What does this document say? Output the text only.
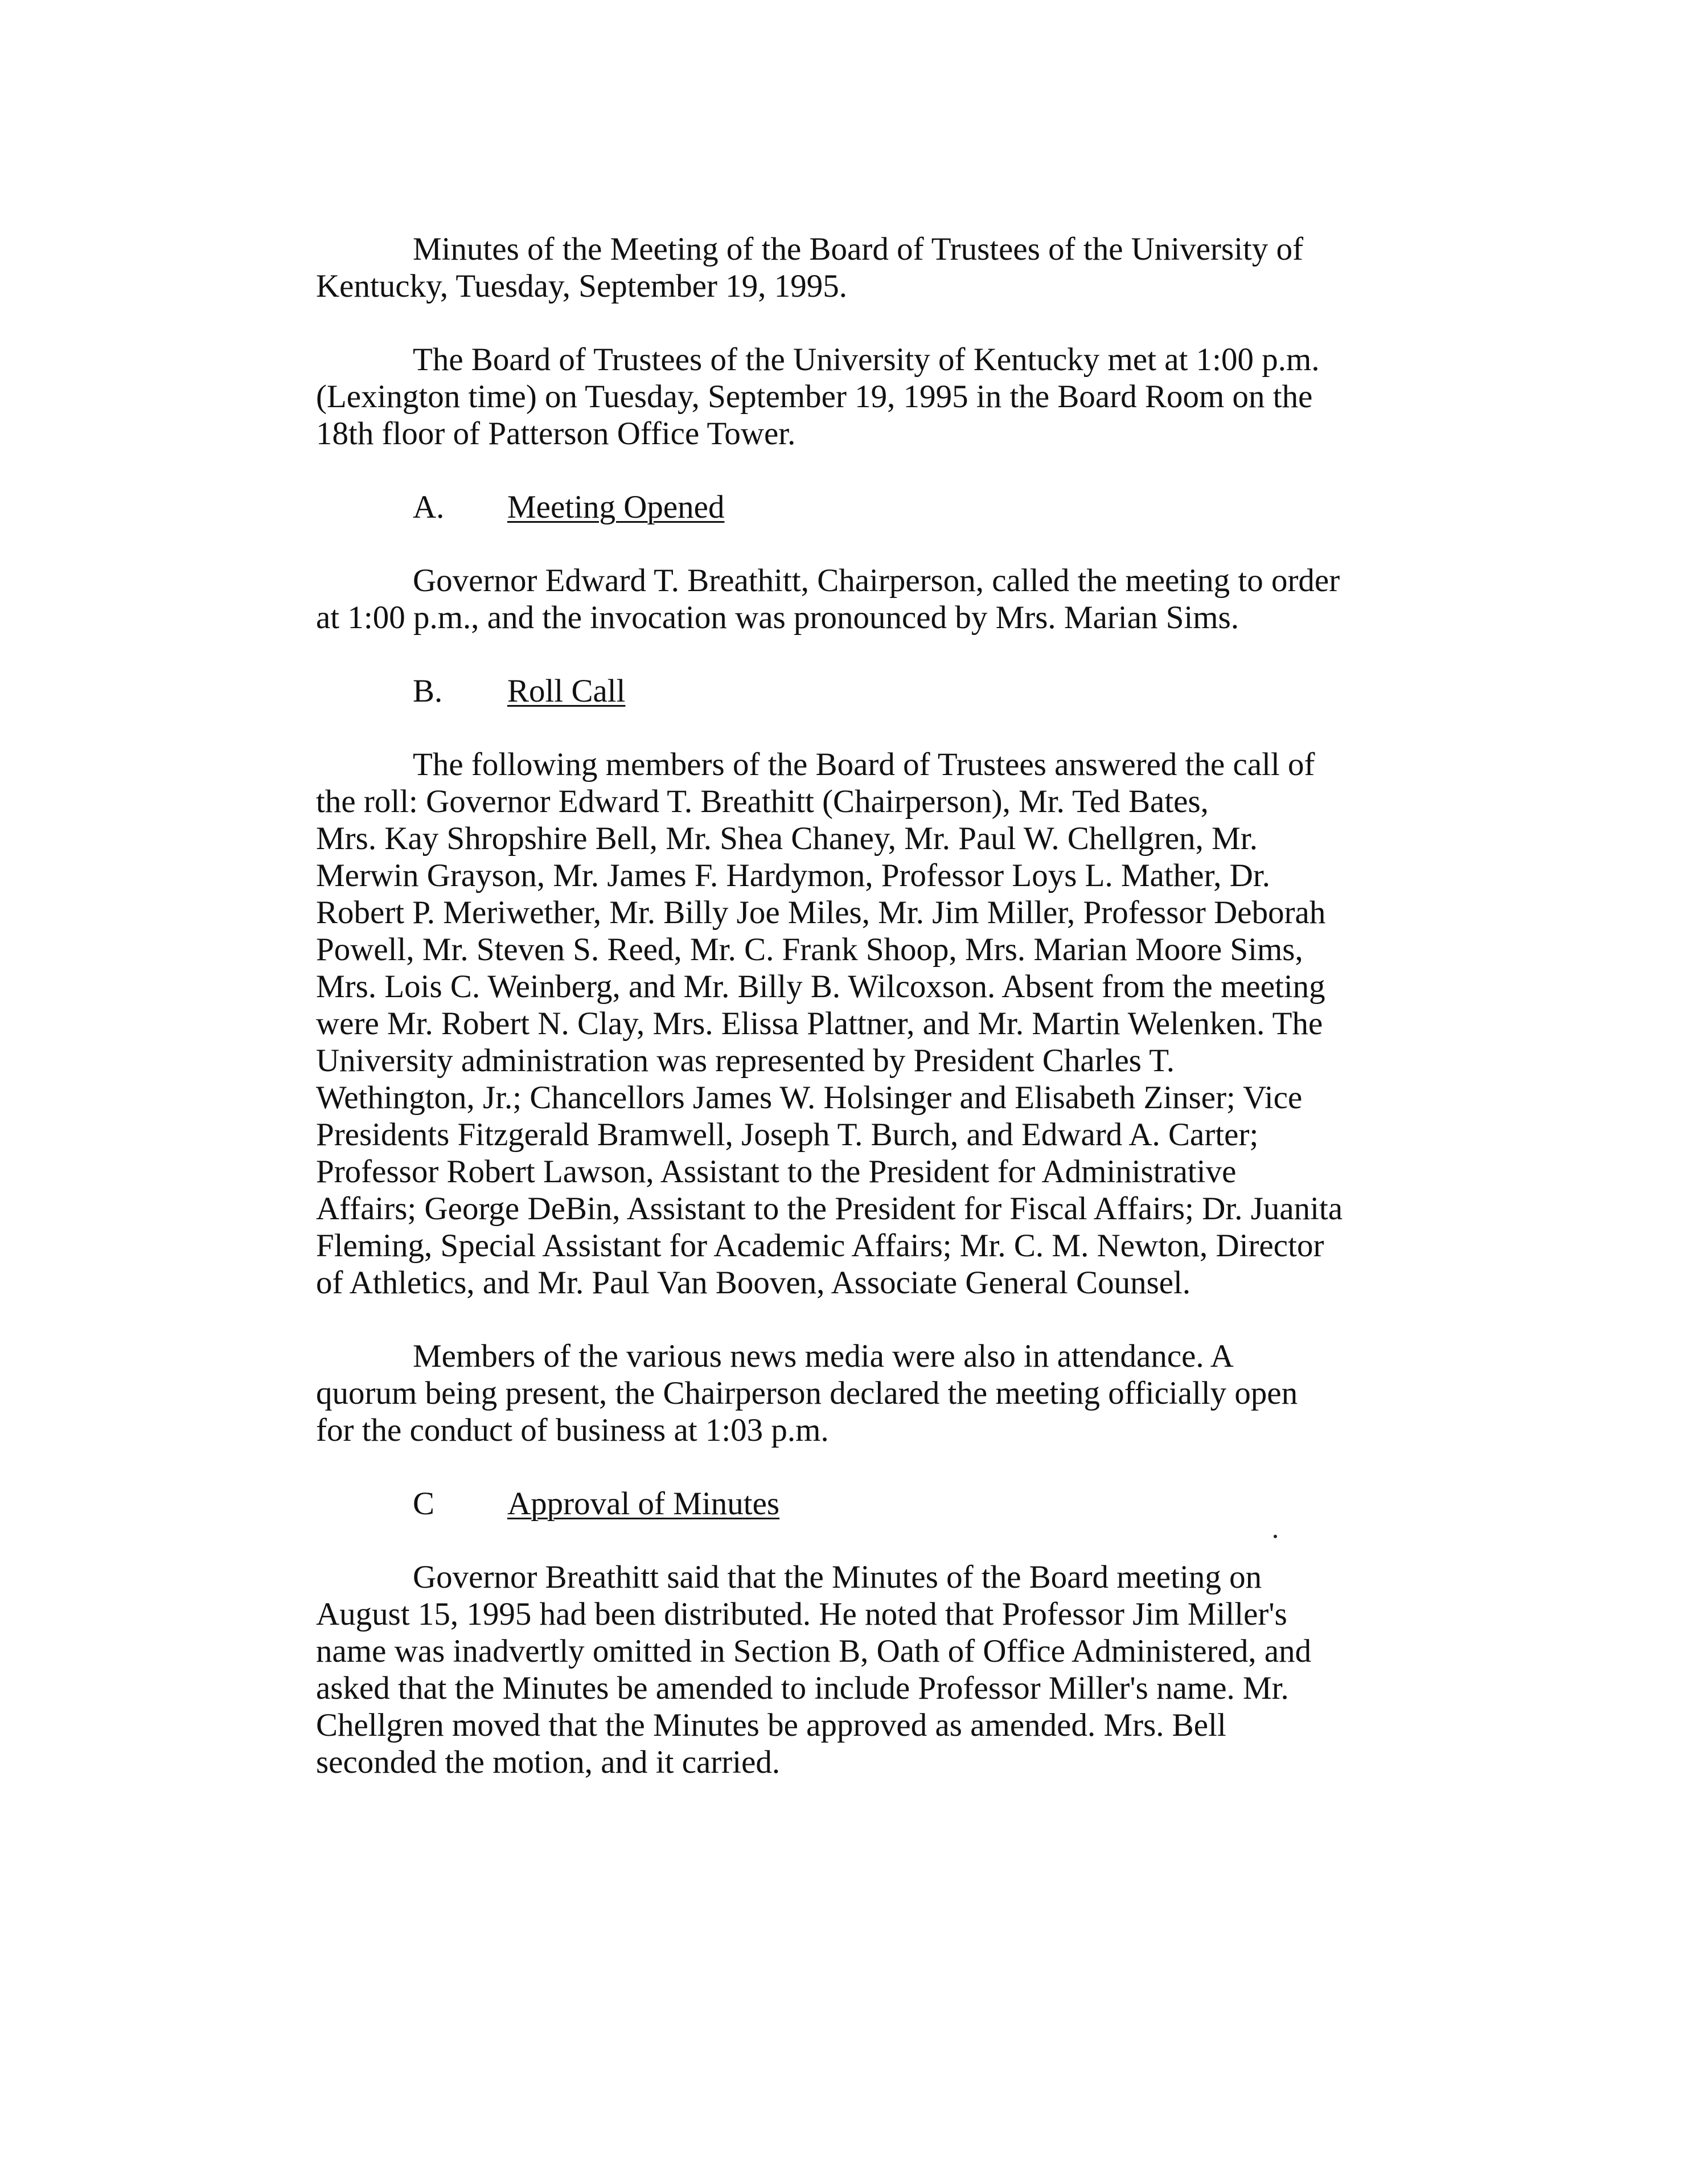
Minutes of the Meeting of the Board of Trustees of the University of
Kentucky, Tuesday, September 19, 1995.

The Board of Trustees of the University of Kentucky met at 1:00 p.m.
(Lexington time) on Tuesday, September 19, 1995 in the Board Room on the
18th floor of Patterson Office Tower.

A.	Meeting Opened

Governor Edward T. Breathitt, Chairperson, called the meeting to order
at 1:00 p.m., and the invocation was pronounced by Mrs. Marian Sims.

B.	Roll Call

The following members of the Board of Trustees answered the call of
the roll: Governor Edward T. Breathitt (Chairperson), Mr. Ted Bates,
Mrs. Kay Shropshire Bell, Mr. Shea Chaney, Mr. Paul W. Chellgren, Mr.
Merwin Grayson, Mr. James F. Hardymon, Professor Loys L. Mather, Dr.
Robert P. Meriwether, Mr. Billy Joe Miles, Mr. Jim Miller, Professor Deborah
Powell, Mr. Steven S. Reed, Mr. C. Frank Shoop, Mrs. Marian Moore Sims,
Mrs. Lois C. Weinberg, and Mr. Billy B. Wilcoxson. Absent from the meeting
were Mr. Robert N. Clay, Mrs. Elissa Plattner, and Mr. Martin Welenken. The
University administration was represented by President Charles T.
Wethington, Jr.; Chancellors James W. Holsinger and Elisabeth Zinser; Vice
Presidents Fitzgerald Bramwell, Joseph T. Burch, and Edward A. Carter;
Professor Robert Lawson, Assistant to the President for Administrative
Affairs; George DeBin, Assistant to the President for Fiscal Affairs; Dr. Juanita
Fleming, Special Assistant for Academic Affairs; Mr. C. M. Newton, Director
of Athletics, and Mr. Paul Van Booven, Associate General Counsel.

Members of the various news media were also in attendance. A
quorum being present, the Chairperson declared the meeting officially open
for the conduct of business at 1:03 p.m.

C	Approval of Minutes

Governor Breathitt said that the Minutes of the Board meeting on
August 15, 1995 had been distributed. He noted that Professor Jim Miller's
name was inadvertly omitted in Section B, Oath of Office Administered, and
asked that the Minutes be amended to include Professor Miller's name. Mr.
Chellgren moved that the Minutes be approved as amended. Mrs. Bell
seconded the motion, and it carried.
